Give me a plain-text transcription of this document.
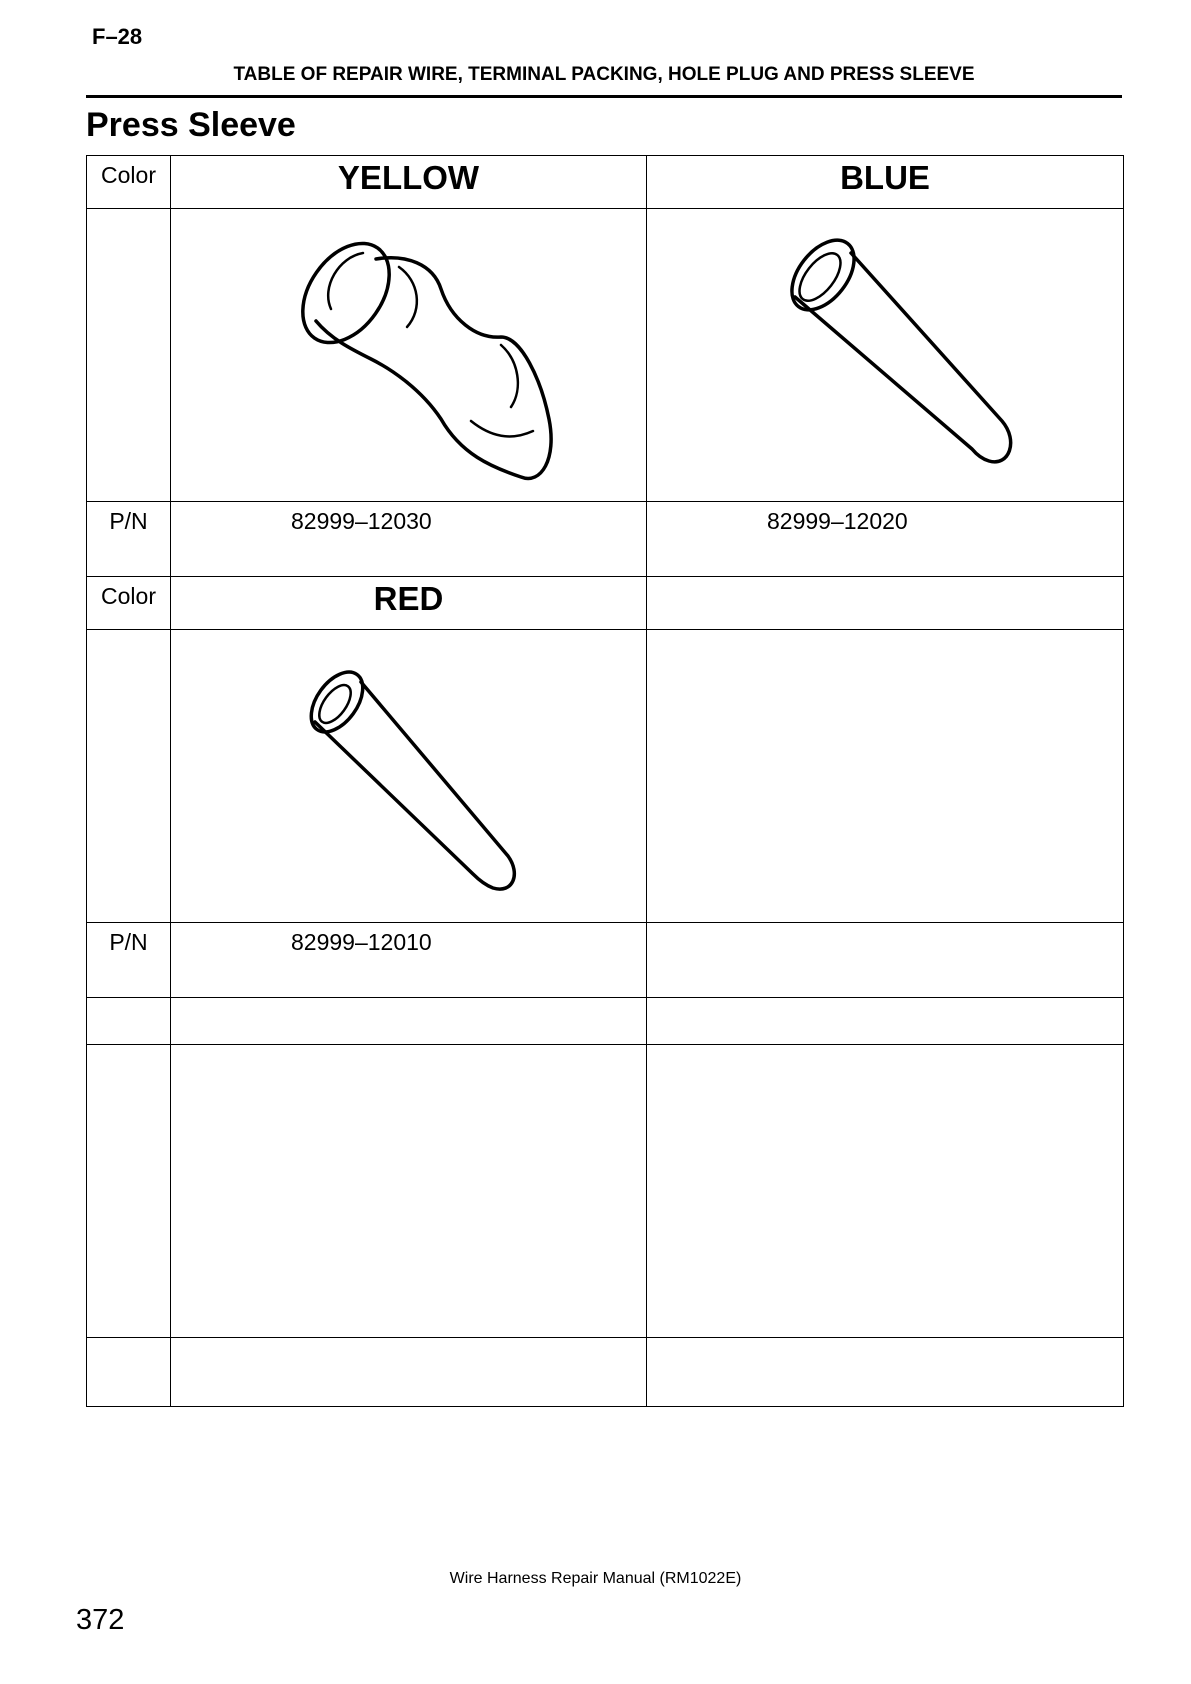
F–28
TABLE OF REPAIR WIRE, TERMINAL PACKING, HOLE PLUG AND PRESS SLEEVE
Press Sleeve
Color	YELLOW	BLUE

P/N	82999–12030	82999–12020
Color	RED	

P/N	82999–12010	

Wire Harness Repair Manual (RM1022E)
372
